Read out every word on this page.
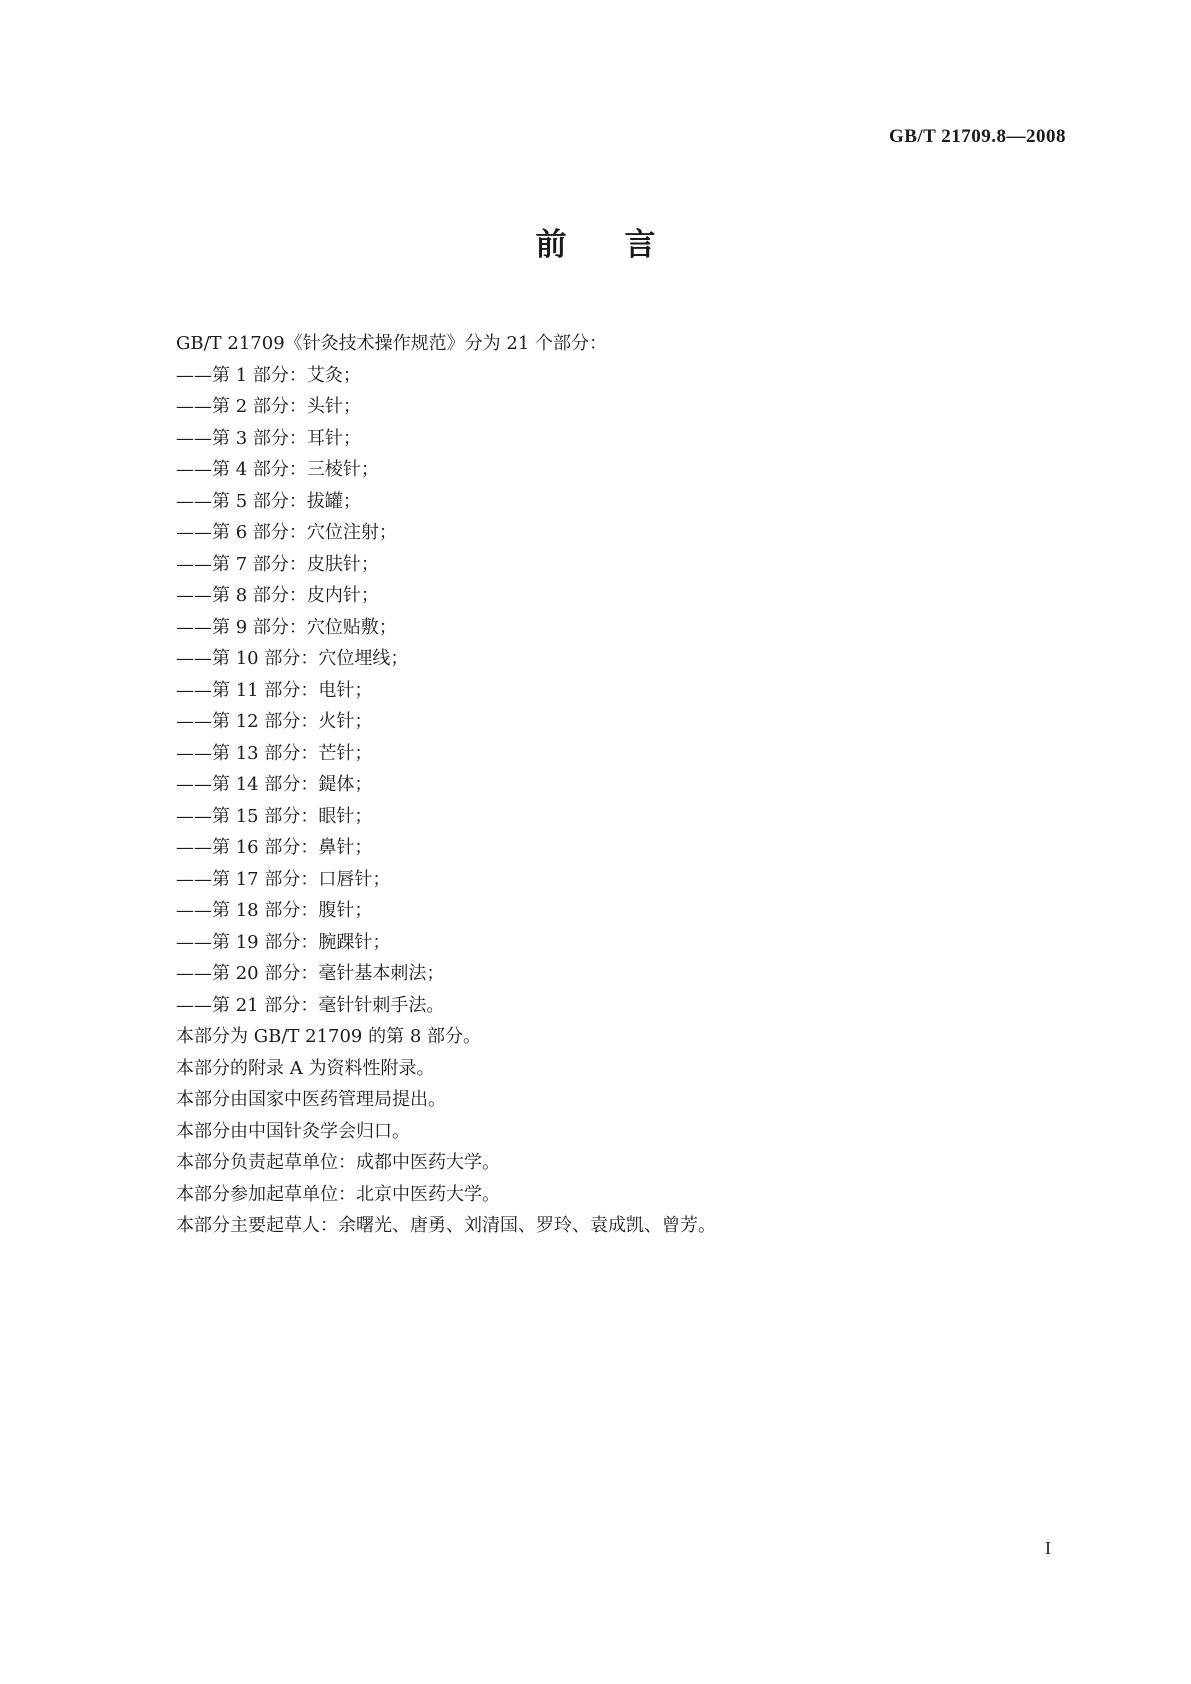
GB/T 21709.8—2008

前言

GB/T 21709《针灸技术操作规范》分为 21 个部分：

——第 1 部分：艾灸；
——第 2 部分：头针；
——第 3 部分：耳针；
——第 4 部分：三棱针；
——第 5 部分：拔罐；
——第 6 部分：穴位注射；
——第 7 部分：皮肤针；
——第 8 部分：皮内针；
——第 9 部分：穴位贴敷；
——第 10 部分：穴位埋线；
——第 11 部分：电针；
——第 12 部分：火针；
——第 13 部分：芒针；
——第 14 部分：鍉体；
——第 15 部分：眼针；
——第 16 部分：鼻针；
——第 17 部分：口唇针；
——第 18 部分：腹针；
——第 19 部分：腕踝针；
——第 20 部分：毫针基本刺法；
——第 21 部分：毫针针刺手法。

本部分为 GB/T 21709 的第 8 部分。

本部分的附录 A 为资料性附录。

本部分由国家中医药管理局提出。

本部分由中国针灸学会归口。

本部分负责起草单位：成都中医药大学。

本部分参加起草单位：北京中医药大学。

本部分主要起草人：余曙光、唐勇、刘清国、罗玲、袁成凯、曾芳。

I
